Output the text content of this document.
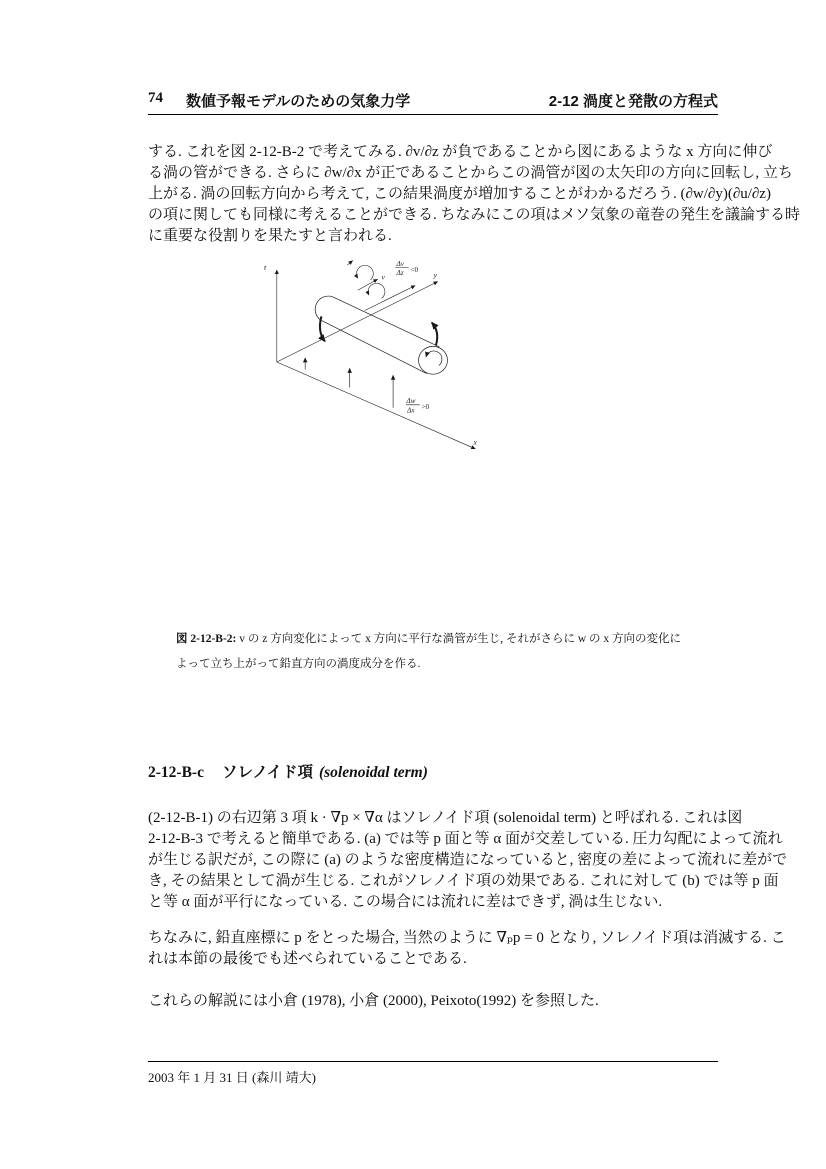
74 数値予報モデルのための気象力学	2-12 渦度と発散の方程式
する. これを図 2-12-B-2 で考えてみる. ∂v/∂z が負であることから図にあるような x 方向に伸び
る渦の管ができる. さらに ∂w/∂x が正であることからこの渦管が図の太矢印の方向に回転し, 立ち
上がる. 渦の回転方向から考えて, この結果渦度が増加することがわかるだろう. (∂w/∂y)(∂u/∂z)
の項に関しても同様に考えることができる. ちなみにこの項はメソ気象の竜巻の発生を議論する時
に重要な役割りを果たすと言われる.
z
y
x
v
Δv
Δz
Δw
Δx
<0
>0
図 2-12-B-2: v の z 方向変化によって x 方向に平行な渦管が生じ, それがさらに w の x 方向の変化に
よって立ち上がって鉛直方向の渦度成分を作る.
2-12-B-c ソレノイド項 (solenoidal term)
(2-12-B-1) の右辺第 3 項 k · ∇p × ∇α はソレノイド項 (solenoidal term) と呼ばれる. これは図
2-12-B-3 で考えると簡単である. (a) では等 p 面と等 α 面が交差している. 圧力勾配によって流れ
が生じる訳だが, この際に (a) のような密度構造になっていると, 密度の差によって流れに差がで
き, その結果として渦が生じる. これがソレノイド項の効果である. これに対して (b) では等 p 面
と等 α 面が平行になっている. この場合には流れに差はできず, 渦は生じない.
ちなみに, 鉛直座標に p をとった場合, 当然のように ∇ₚp = 0 となり, ソレノイド項は消滅する. こ
れは本節の最後でも述べられていることである.
これらの解説には小倉 (1978), 小倉 (2000), Peixoto(1992) を参照した.
2003 年 1 月 31 日 (森川 靖大)
